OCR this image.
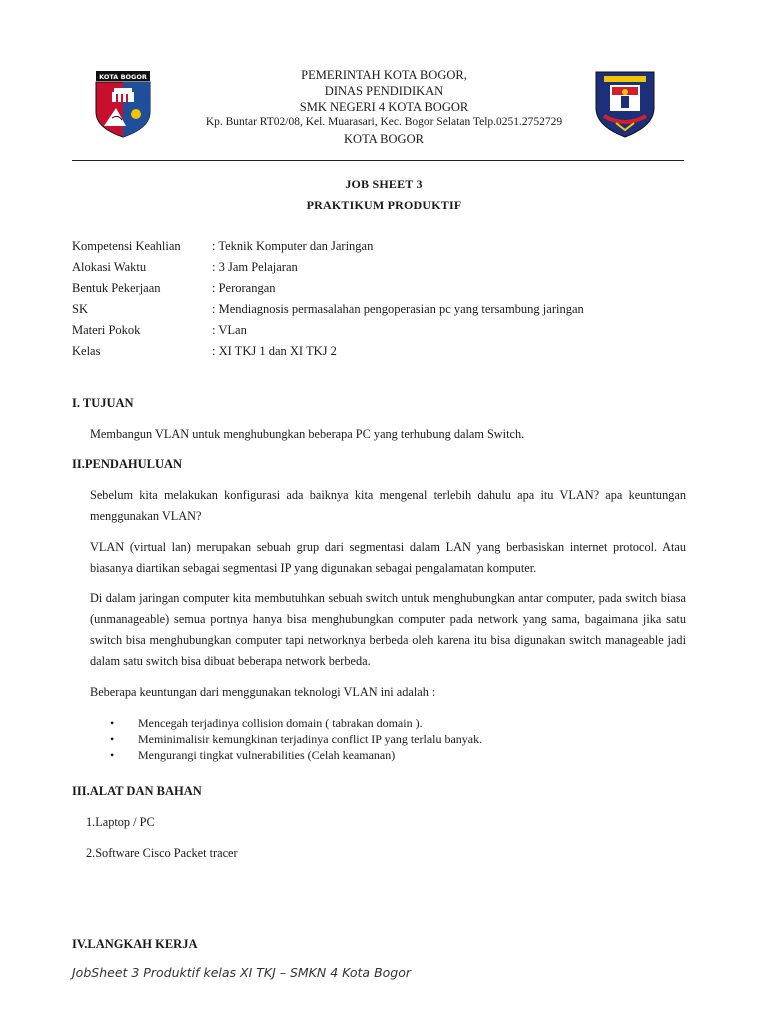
KOTA BOGOR	PEMERINTAH KOTA BOGOR,
DINAS PENDIDIKAN
SMK NEGERI 4 KOTA BOGOR
Kp. Buntar RT02/08, Kel. Muarasari, Kec. Bogor Selatan Telp.0251.2752729
KOTA BOGOR
JOB SHEET 3
PRAKTIKUM PRODUKTIF
Kompetensi Keahlian	: Teknik Komputer dan Jaringan
Alokasi Waktu	: 3 Jam Pelajaran
Bentuk Pekerjaan	: Perorangan
SK	: Mendiagnosis permasalahan pengoperasian pc yang tersambung jaringan
Materi Pokok	: VLan
Kelas	: XI TKJ 1 dan XI TKJ 2
I. TUJUAN
Membangun VLAN untuk menghubungkan beberapa PC yang terhubung dalam Switch.
II.PENDAHULUAN
Sebelum kita melakukan konfigurasi ada baiknya kita mengenal terlebih dahulu apa itu VLAN? apa keuntungan menggunakan VLAN?
VLAN (virtual lan) merupakan sebuah grup dari segmentasi dalam LAN yang berbasiskan internet protocol. Atau biasanya diartikan sebagai segmentasi IP yang digunakan sebagai pengalamatan komputer.
Di dalam jaringan computer kita membutuhkan sebuah switch untuk menghubungkan antar computer, pada switch biasa (unmanageable) semua portnya hanya bisa menghubungkan computer pada network yang sama, bagaimana jika satu switch bisa menghubungkan computer tapi networknya berbeda oleh karena itu bisa digunakan switch manageable jadi dalam satu switch bisa dibuat beberapa network berbeda.
Beberapa keuntungan dari menggunakan teknologi VLAN ini adalah :
• Mencegah terjadinya collision domain ( tabrakan domain ).
• Meminimalisir kemungkinan terjadinya conflict IP yang terlalu banyak.
• Mengurangi tingkat vulnerabilities (Celah keamanan)
III.ALAT DAN BAHAN
1.Laptop / PC
2.Software Cisco Packet tracer
IV.LANGKAH KERJA
JobSheet 3 Produktif kelas XI TKJ – SMKN 4 Kota Bogor
